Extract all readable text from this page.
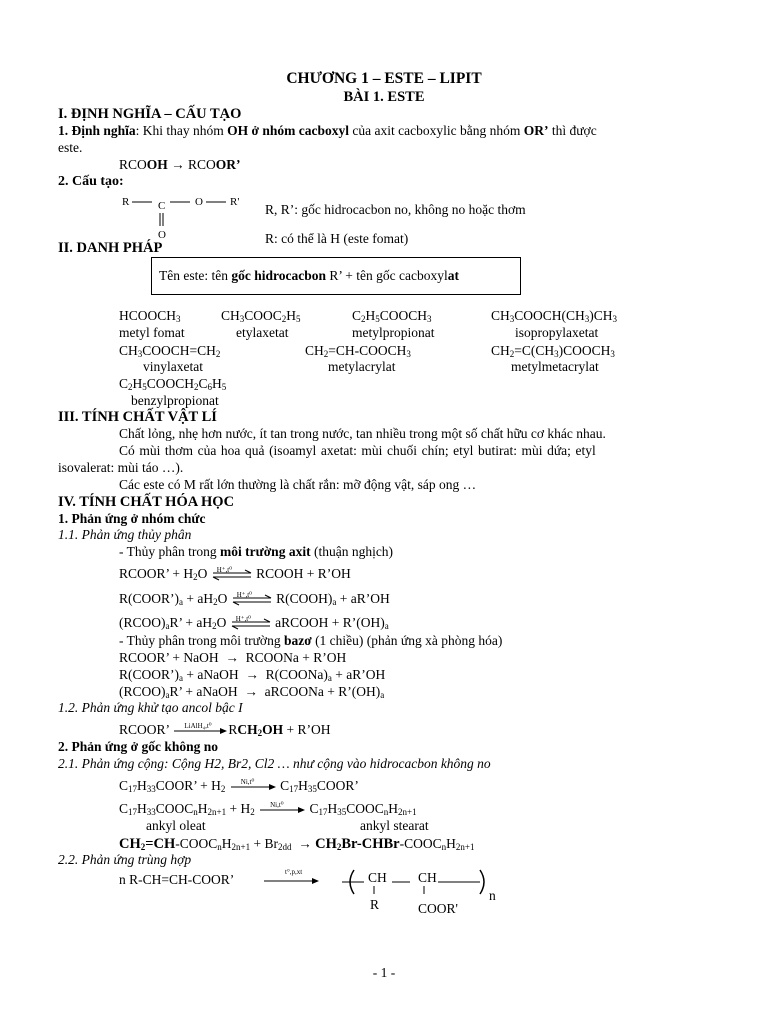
CHƯƠNG 1 – ESTE – LIPIT
BÀI 1. ESTE
I. ĐỊNH NGHĨA – CẤU TẠO
1. Định nghĩa: Khi thay nhóm OH ở nhóm cacboxyl của axit cacboxylic bằng nhóm OR’ thì được
este.
RCOOH → RCOOR’
2. Cấu tạo:
R	C	O R'
O
R, R’: gốc hidrocacbon no, không no hoặc thơm
R: có thể là H (este fomat)
II. DANH PHÁP
Tên este: tên gốc hidrocacbon R’ + tên gốc cacboxylat
$HCOOCH_3$	$CH_3COOC_2H_5$	$C_2H_5COOCH_3$	$CH_3COOCH(CH_3)CH_3$
metyl fomat	etylaxetat	metylpropionat	isopropylaxetat
$CH_3COOCH=CH_2$	$CH_2=CH-COOCH_3$	$CH_2=C(CH_3)COOCH_3$
vinylaxetat	metylacrylat	metylmetacrylat
$C_2H_5COOCH_2C_6H_5$
benzylpropionat
III. TÍNH CHẤT VẬT LÍ
Chất lỏng, nhẹ hơn nước, ít tan trong nước, tan nhiều trong một số chất hữu cơ khác nhau.
Có mùi thơm của hoa quả (isoamyl axetat: mùi chuối chín; etyl butirat: mùi dứa; etyl
isovalerat: mùi táo …).
Các este có M rất lớn thường là chất rắn: mỡ động vật, sáp ong …
IV. TÍNH CHẤT HÓA HỌC
1. Phản ứng ở nhóm chức
1.1. Phản ứng thủy phân
- Thủy phân trong môi trường axit (thuận nghịch)
RCOOR’ + $H_2O$ H⁺,t⁰ RCOOH + R’OH
$R(COOR’)_a + aH_2O$ H⁺,t⁰ $R(COOH)_a$ + aR’OH
$(RCOO)_aR$’ + $aH_2O$ H⁺,t⁰ aRCOOH + $R’(OH)_a$
- Thủy phân trong môi trường bazơ (1 chiều) (phản ứng xà phòng hóa)
RCOOR’ + NaOH  →  RCOONa + R’OH
$R(COOR’)_a$ + aNaOH  →  $R(COONa)_a$ + aR’OH
$(RCOO)_aR$’ + aNaOH  →  aRCOONa + $R’(OH)_a$
1.2. Phản ứng khử tạo ancol bậc I
RCOOR’ LiAlH₄,t⁰ $RCH_2OH$ + R’OH
2. Phản ứng ở gốc không no
2.1. Phản ứng cộng: Cộng H2, Br2, Cl2 … như cộng vào hidrocacbon không no
$C_{17}H_{33}COOR$’ + $H_2$
Ni,t⁰ $C_{17}H_{35}COOR$’
$C_{17}H_{33}COOC_nH_{2n+1} + H_2$
Ni,t⁰ $C_{17}H_{35}COOC_nH_{2n+1}$
ankyl oleat	ankyl stearat
$CH_2=CH-COOC_nH_{2n+1} + Br_{2dd}$  → $CH_2Br-CHBr-COOC_nH_{2n+1}$
2.2. Phản ứng trùng hợp
n R-CH=CH-COOR’	t°,p,xt	CH CH
R	COOR'
n
- 1 -
